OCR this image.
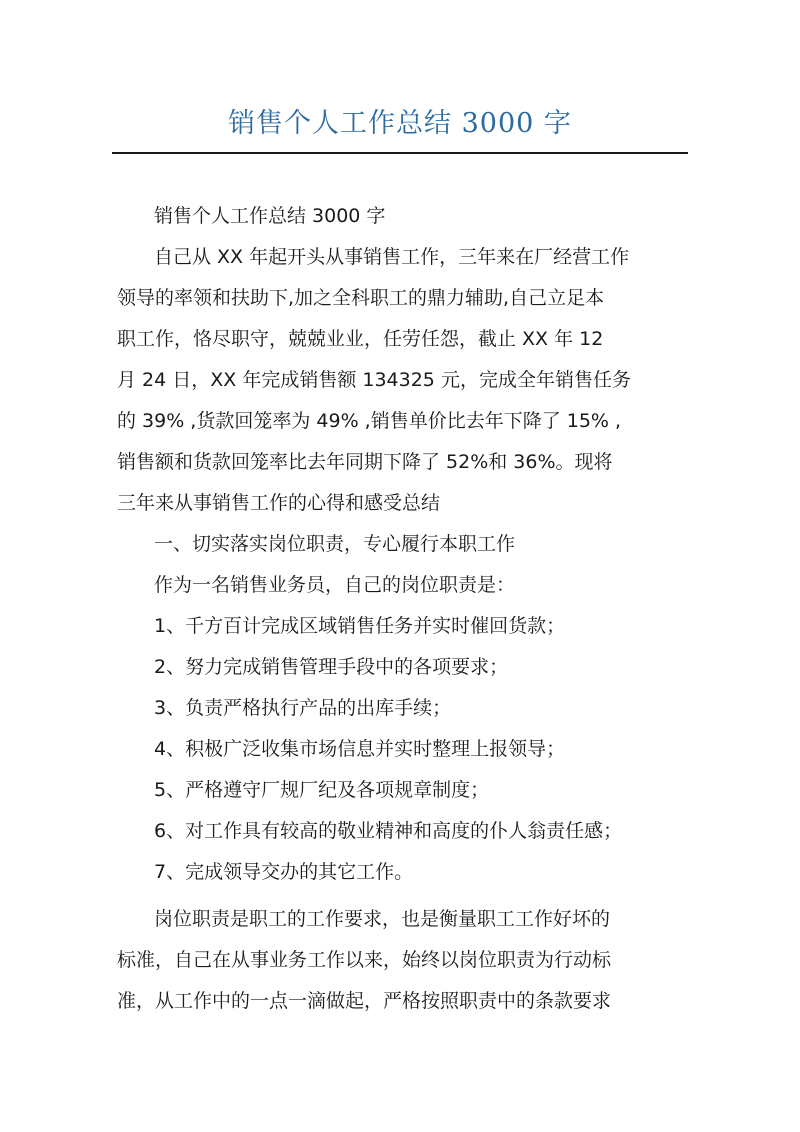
销售个人工作总结 3000 字
销售个人工作总结 3000 字
自己从 XX 年起开头从事销售工作，三年来在厂经营工作
领导的率领和扶助下,加之全科职工的鼎力辅助,自己立足本
职工作，恪尽职守，兢兢业业，任劳任怨，截止 XX 年 12
月 24 日，XX 年完成销售额 134325 元，完成全年销售任务
的 39% ,货款回笼率为 49% ,销售单价比去年下降了 15% ,
销售额和货款回笼率比去年同期下降了 52%和 36%。现将
三年来从事销售工作的心得和感受总结
一、切实落实岗位职责，专心履行本职工作
作为一名销售业务员，自己的岗位职责是：
1、千方百计完成区域销售任务并实时催回货款；
2、努力完成销售管理手段中的各项要求；
3、负责严格执行产品的出库手续；
4、积极广泛收集市场信息并实时整理上报领导；
5、严格遵守厂规厂纪及各项规章制度；
6、对工作具有较高的敬业精神和高度的仆人翁责任感；
7、完成领导交办的其它工作。
岗位职责是职工的工作要求，也是衡量职工工作好坏的
标准，自己在从事业务工作以来，始终以岗位职责为行动标
准，从工作中的一点一滴做起，严格按照职责中的条款要求
